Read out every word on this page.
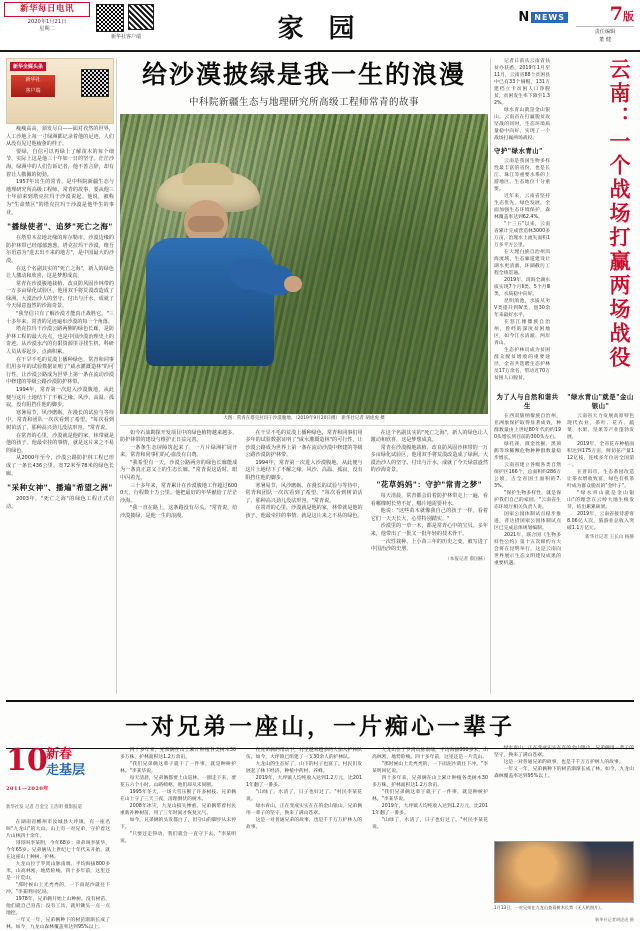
新华每日电讯
2020年1月21日
星期二
新华社客户端	家 园	N NEWS 7版
责任编辑
董 健
新华全媒头条
新华社
客户端
瘦瘦高高，须发尽白——面对孜然的世界，人工沙地上每一寸绿洲都记录着他的足迹，人们从没有见过他疲惫的样子。
要绿，自信可以再绿上了解苗木的每个细节，实际上这是他三十年如一日的坚守。茫茫沙海，绿洲中的人们告诉记者，他不善言辞，却有着让人敬佩的韧劲。
1957年出生的常青，是中科院新疆生态与地理研究所高级工程师。常青的故事，要从他三十年前来到塔克拉玛干沙漠说起。他说，被称为"生命禁区"的塔克拉玛干沙漠是他毕生的事业。
"播绿使者"、追梦"死亡之海"
在塔里木盆地北缘的库尔勒市，沙漠边缘的防护林带已经郁郁葱葱。塔克拉玛干沙漠，维吾尔语意为"进去出不来的地方"，是中国最大的沙漠。
在这个名副其实的"死亡之海"，新人的绿色让人激动和欣喜，这是梦想成真。
常青在沙漠腹地栽植、改良防风固沙林带的一万多亩绿化试验区，他用双手将荒漠改造成了绿洲。大漠治沙人的坚守、付出与汗水，成就了今天绿意盎然的沙海奇景。
"我坚信只有了解沙漠才能真正战胜它。"三十多年来，常青的足迹遍布沙漠的每一个角落。
塔克拉玛干沙漠公路两侧的绿色长廊，是防护林工程的最大亮点，也是中国沙漠治理史上的奇迹。从沙漠水汽的有限资源里寻找生机，科研人员从零起步，点滴积累。
在干旱不毛的荒漠上播种绿色，常青和同事们用多年的试验数据证明了"咸水灌溉造林"的可行性，让沙漠公路成为世界上第一条在流动沙漠中修建的等级公路沙漠防护林带。
1994年，常青第一次进入沙漠腹地，从此便与这片土地结下了不解之缘。风沙、高温、孤寂，没有阻挡住他的脚步。
寒暑易节，风沙磨砺。在漫长的试验与等待中，常青和团队一次次看到了希望。"每次看到树苗活了，那种高兴劲儿没法形容。"常青说。
在常青的心里，沙漠就是他的家，林带就是他的孩子。他最牵挂的事情，就是这片来之不易的绿色。
从2000年至今，沙漠公路防护林工程已形成了一条长436公里、宽72米至78米的绿色长廊。
"采种女神"、播遍"希望之洲"
2003年，"死亡之海"的绿色工程正式启动。
给沙漠披绿是我一生的浪漫
中科院新疆生态与地理研究所高级工程师常青的故事
大图：常青在塔克拉玛干沙漠腹地。（2019年9月20日摄） 新华社记者 胡虎虎 摄
如今石油勘探开发项目中的绿色植物越来越多，防护林带的建设与维护正日益完善。
一条条生态屏障筑起来了，一片片绿洲扩展开来，常青和同事们的心血没有白费。
"我希望有一天，沙漠公路两旁的绿色长廊能成为一条真正意义上的生态长廊。"常青说这话时，眼中闪着光。
三十多年来，常青累计在沙漠腹地工作超过6000天，行程数十万公里。他把最好的年华献给了茫茫沙海。
"我一直在路上，这条路没有尽头。"常青说，给沙漠披绿，是他一生的浪漫。
在干旱不毛的荒漠上播种绿色，常青和同事们用多年的试验数据证明了"咸水灌溉造林"的可行性，让沙漠公路成为世界上第一条在流动沙漠中修建的等级公路沙漠防护林带。
1994年，常青第一次进入沙漠腹地，从此便与这片土地结下了不解之缘。风沙、高温、孤寂，没有阻挡住他的脚步。
寒暑易节，风沙磨砺。在漫长的试验与等待中，常青和团队一次次看到了希望。"每次看到树苗活了，那种高兴劲儿没法形容。"常青说。
在常青的心里，沙漠就是他的家，林带就是他的孩子。他最牵挂的事情，就是这片来之不易的绿色。
在这个名副其实的"死亡之海"，新人的绿色让人激动和欣喜，这是梦想成真。
常青在沙漠腹地栽植、改良防风固沙林带的一万多亩绿化试验区，他用双手将荒漠改造成了绿洲。大漠治沙人的坚守、付出与汗水，成就了今天绿意盎然的沙海奇景。
"花草妈妈"：守护"常青之梦"
每天清晨，常青都会沿着防护林带走上一遍，看看哪棵树长势不好，哪片地需要补水。
他说："这些苗木就像我自己的孩子一样，看着它们一天天长大，心里特别踏实。"
沙漠里的一草一木，都是常青心中的宝贝。多年来，他带出了一批又一批年轻的技术骨干。
一次性栽种、上小苗三年的历史之变，被写进了中国治沙的史册。
（本报记者 蔡国栋）
云南：一个战场打赢两场战役
记者日前从云南省扶贫办获悉，2019年1月至11月，云南省88个贫困县中已有33个摘帽，131万建档立卡贫困人口净脱贫，贫困发生率下降至1.32%。
绿水青山就是金山银山。云南省在打赢脱贫攻坚战的同时，生态环境质量稳中向好，实现了一个战场打赢两场战役。
守护"绿水青山"
云南是我国生物多样性最丰富的省份，也是长江、珠江等重要水系的上游地区，生态地位十分重要。
近年来，云南省坚持生态优先、绿色发展，全面加强生态环境保护，森林覆盖率达到62.4%。
"十三五"以来，云南省累计完成营造林3000多万亩，治理水土流失面积1万多平方公里。
在大理白族自治州洱海流域，生态廊道建设让湖水更清澈，环湖截污工程全线贯通。
2019年，洱海全湖水质实现7个月Ⅱ类、5个月Ⅲ类，水质稳中向好。
昆明滇池，水质从劣Ⅴ类提升到Ⅳ类，创30余年来最好水平。
在怒江傈僳族自治州，曾经的深度贫困地区，如今江水清澈、两岸青山。
生态护林员成为贫困群众脱贫增收的重要途径，全省共选聘生态护林员17万余名，带动近70万贫困人口脱贫。
为了人与自然和谐共生
在西双版纳傣族自治州，亚洲象保护取得显著成效，种群数量由上世纪80年代的约190头增长到目前的300头左右。
绿孔雀、滇金丝猴、黑颈鹤等珍稀濒危物种种群数量稳步增长。
云南省建立各级各类自然保护区166个，总面积约286万公顷，占全省国土面积的7.3%。
"保护生物多样性，就是保护我们自己的家园。"云南省生态环境厅相关负责人说。
国家公园体制试点稳步推进，普达措国家公园体制试点区已完成总体规划编制。
2021年，联合国《生物多样性公约》第十五次缔约方大会将在昆明举行，这是云南向世界展示生态文明建设成果的重要机遇。
"绿水青山"就是"金山银山"
云南省大力发展高原特色现代农业，茶叶、花卉、蔬菜、水果、坚果等产业蓬勃发展。
2019年，全省花卉种植面积达到175万亩，鲜切花产量112亿枝，连续多年位居全国第一。
在普洱市，生态茶园改造让茶农增收致富，绿色有机茶叶成为群众脱贫的"金叶子"。
"绿水青山就是金山银山"的理念在云岭大地生根发芽，结出累累硕果。
2019年，云南省接待游客8.06亿人次，旅游业总收入突破1.1万亿元。
新华社记者 王长山 杨静
一对兄弟一座山，一片痴心一辈子
10
2011—2020年
新春
走基层
新华社发 记者 吕金宝 王浩明 摄影报道
在湖南省郴州市汝城县大坪镇，有一座名叫"九龙山"的大山。山上有一对兄弟，守护着这片山林四十余年。
哥哥叫李某明，今年68岁；弟弟叫李某华，今年65岁。兄弟俩从上世纪七十年代末开始，就在这座山上种树、护林。
九龙山位于罗霄山脉南端，平均海拔800多米，山高林密，地势险峻。四十多年前，这里还是一片荒山。
"那时候山上光秃秃的，一下雨泥沙就往下冲。"李某明回忆说。
1978年，兄弟俩开始上山种树。没有树苗，他们就自己育苗；没有工具，就用锄头一点一点地挖。
一年又一年，兄弟俩种下的树苗渐渐长成了林。如今，九龙山森林覆盖率达到95%以上。
四十多年来，兄弟俩在山上累计种植各类树木30多万株，护林面积达1.2万余亩。
"我们兄弟俩这辈子就干了一件事，就是种树护林。"李某华说。
每天清晨，兄弟俩都要上山巡林。一圈走下来，要花五六个小时。山路崎岖，他们却从未间断。
1995年冬天，一场大雪压断了许多树枝。兄弟俩在山上守了三天三夜，清理倒伏的树木。
2008年冰灾，九龙山损失惨重。兄弟俩带着村民重新补种树苗，用了三年时间才恢复元气。
如今，兄弟俩的头发都白了，但守山的脚步从未停下。
"只要还走得动，我们就会一直守下去。"李某明说。
在兄弟俩的带动下，村里越来越多的人加入护林队伍。如今，大坪镇已组建了一支30余人的护林队。
九龙山的生态好了，山下的村子也富了。村民们发展起了林下经济，种植中药材、养蜂。
2019年，大坪镇人均纯收入达到1.2万元，比2011年翻了一番多。
"山绿了，水清了，日子也好过了。"村民李某花说。
绿水青山，正在变成实实在在的金山银山。兄弟俩用一辈子的坚守，换来了满山苍翠。
这是一对普通兄弟的故事，也是千千万万护林人的故事。
九龙山位于罗霄山脉南端，平均海拔800多米，山高林密，地势险峻。四十多年前，这里还是一片荒山。
"那时候山上光秃秃的，一下雨泥沙就往下冲。"李某明回忆说。
四十多年来，兄弟俩在山上累计种植各类树木30多万株，护林面积达1.2万余亩。
"我们兄弟俩这辈子就干了一件事，就是种树护林。"李某华说。
2019年，大坪镇人均纯收入达到1.2万元，比2011年翻了一番多。
"山绿了，水清了，日子也好过了。"村民李某花说。
绿水青山，正在变成实实在在的金山银山。兄弟俩用一辈子的坚守，换来了满山苍翠。
这是一对普通兄弟的故事，也是千千万万护林人的故事。
一年又一年，兄弟俩种下的树苗渐渐长成了林。如今，九龙山森林覆盖率达到95%以上。
1月13日，一对兄弟在九龙山查看树木长势（无人机照片）。
新华社记者胡虎虎 摄
